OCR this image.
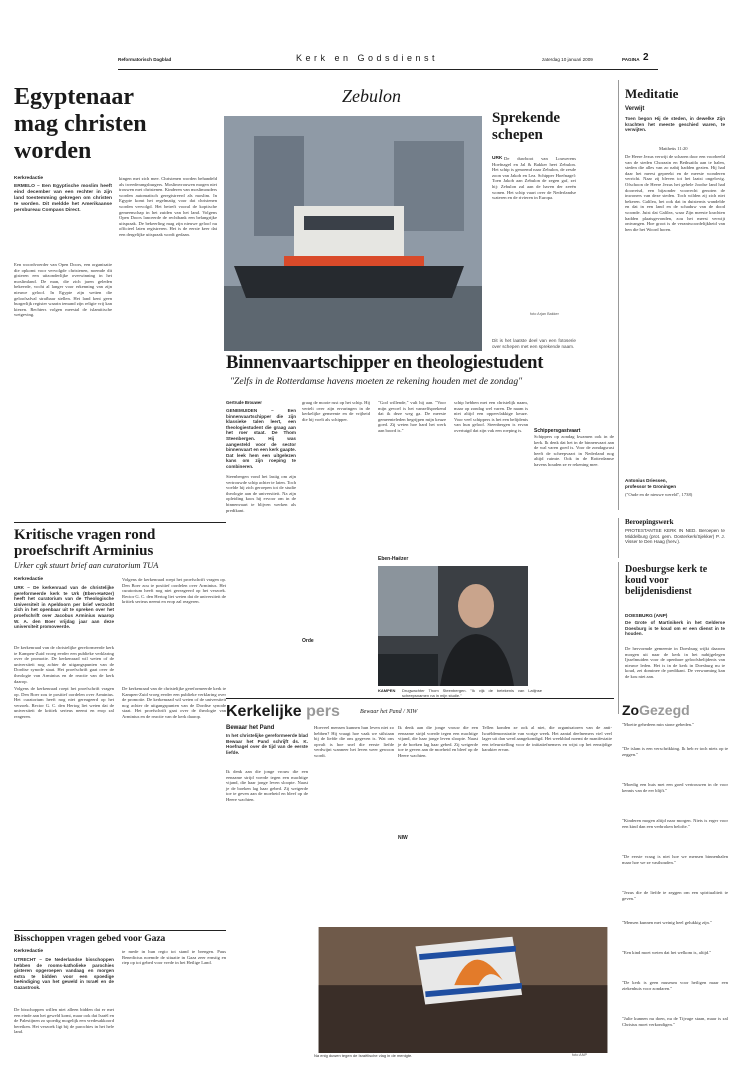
Reformatorisch Dagblad	K e r k   e n   G o d s d i e n s t	zaterdag 10 januari 2009	PAGINA 2
Egyptenaar mag christen worden
Kerkredactie
ERMELO – Een Egyptische moslim heeft eind december van een rechter in zijn land toestemming gekregen om christen te worden. Dit meldde het Amerikaanse persbureau Compass Direct.
Een woordvoerder van Open Doors, een organisatie die opkomt voor vervolgde christenen, noemde dit gisteren een uitzonderlijke overwinning in het moslimland. De man, die zich jaren geleden bekeerde, vocht al langer voor erkenning van zijn nieuwe geloof. In Egypte zijn wetten die geloofsafval strafbaar stellen. Het land kent geen burgerlijk register waarin iemand zijn religie vrij kan kiezen. Rechters volgen meestal de islamitische wetgeving.
kingen met zich mee. Christenen worden behandeld als tweederangsburgers. Moslimvrouwen mogen niet trouwen met christenen. Kinderen van moslimouders worden automatisch geregistreerd als moslim. In Egypte komt het regelmatig voor dat christenen worden vervolgd. Het betreft vooral de koptische gemeenschap in het zuiden van het land. Volgens Open Doors lanceerde de rechtbank een belangrijke uitspraak. De bekeerling mag zijn nieuwe geloof nu officieel laten registreren. Het is de eerste keer dat een dergelijke uitspraak wordt gedaan.
Zebulon
Sprekende schepen
URK De duwboot van Louwerens Hoefnagel en Jal & Bakker heet Zebulon. Het schip is genoemd naar Zebulon, de zesde zoon van Jakob en Lea. Schipper Hoefnagel: Toen Jakob aan Zebulon de zegen gaf, zei hij: Zebulon zal aan de haven der zeeën wonen. Het schip vaart over de Nederlandse wateren en de rivieren in Europa.
foto Arjan Bakker
Dit is het laatste deel van een fotoserie over schepen met een sprekende naam.
Meditatie
Verwijt
Toen begon Hij de steden, in dewelke Zijn krachten het meeste geschied waren, te verwijten.
Mattheüs 11:20
De Heere Jezus verwijt de scharen door een voorbeeld van de steden Chorazin en Bethsaïda aan te halen, steden die alles van zo nabij hadden gezien. Hij had daar het meest gepreekt en de meeste wonderen verricht. Naar zij bleven tot het laatst ongelovig. Ofschoon de Heere Jezus het gehele Joodse land had doorreisd, een bijzonder voorrecht genoten de inwoners van deze steden. Toch wilden zij zich niet bekeren. Galilea, het ook dat in duisternis wandelde en dat in een land en de schaduw van de dood woonde. Juist dat Galilea, waar Zijn meeste krachten hadden plaatsgevonden, zou het meest verwijt ontvangen. Hoe groot is de verantwoordelijkheid van hen die het Woord horen.
Antonius Driessen,
professor te Groningen
("Oude en de nieuwe wereld", 1738)
Beroepingswerk
PROTESTANTSE KERK IN NED. Beroepen te Middelburg (prot. gem. Oosterkerk/Sjekker) P. J. Visser te Den Haag (herv.).
Doesburgse kerk te koud voor belijdenisdienst
DOESBURG (ANP)
De Grote of Martinikerk in het Gelderse Doesburg is te koud om er een dienst in te houden.
De hervormde gemeente in Doesburg wijkt daarom morgen uit naar de kerk in het nabijgelegen Ijsselmuiden voor de openbare geloofsbelijdenis van nieuwe leden. Het is in de kerk in Doesburg nu te koud, zei dominee de predikant. De verwarming kan de kou niet aan.
Kritische vragen rond proefschrift Arminius
Urker cgk stuurt brief aan curatorium TUA
Kerkredactie
URK – De kerkenraad van de christelijke gereformeerde kerk te Urk (Eben-Haëzer) heeft het curatorium van de Theologische Universiteit in Apeldoorn per brief verzocht zich in het openbaar uit te spreken over het proefschrift over Jacobus Arminius waarop W. A. den Boer vrijdag jaar aan deze universiteit promoveerde.
De kerkenraad van de christelijke gereformeerde kerk te Kampen-Zuid vroeg eerder een publieke verklaring over de promotie. De kerkenraad wil weten of de universiteit nog achter de uitgangspunten van de Dordtse synode staat. Het proefschrift gaat over de theologie van Arminius en de reactie van de kerk daarop.
Volgens de kerkenraad roept het proefschrift vragen op. Den Boer zou te positief oordelen over Arminius. Het curatorium heeft nog niet gereageerd op het verzoek. Rector G. C. den Hertog liet weten dat de universiteit de kritiek serieus neemt en erop zal reageren.
Bisschoppen vragen gebed voor Gaza
Kerkredactie
UTRECHT – De Nederlandse bisschoppen hebben de rooms-katholieke parochies gisteren opgeroepen vandaag en morgen extra te bidden voor een spoedige beëindiging van het geweld in Israël en de Gazastrook.
De bisschoppen willen niet alleen bidden dat er met een einde aan het geweld komt, maar ook dat Israël en de Palestijnen zo spoedig mogelijk een vredesakkoord bereiken. Het verzoek ligt bij de parochies in het hele land.
te mede in hun regio tot stand te brengen. Paus Benedictus noemde de situatie in Gaza zeer ernstig en riep op tot gebed voor vrede in het Heilige Land.
Volgens de kerkenraad roept het proefschrift vragen op. Den Boer zou te positief oordelen over Arminius. Het curatorium heeft nog niet gereageerd op het verzoek. Rector G. C. den Hertog liet weten dat de universiteit de kritiek serieus neemt en erop zal reageren.
De kerkenraad van de christelijke gereformeerde kerk te Kampen-Zuid vroeg eerder een publieke verklaring over de promotie. De kerkenraad wil weten of de universiteit nog achter de uitgangspunten van de Dordtse synode staat. Het proefschrift gaat over de theologie van Arminius en de reactie van de kerk daarop.
Binnenvaartschipper en theologiestudent
"Zelfs in de Rotterdamse havens moeten ze rekening houden met de zondag"
Gertrude Brouwer
GENEMUIDEN – Een binnenvaartschipper die zijn klassieke talen leert, een theologiestudent die graag aan het roer staat. De Thom Steenbergen. Hij was aangesteld voor de sector binnenvaart en een kerk gaapte. Dat leek hem een uitgelezen kans om zijn roeping te combineren.
Steenbergen vond het lastig om zijn vertrouwde schip achter te laten. Toch voelde hij zich geroepen tot de studie theologie aan de universiteit. Na zijn opleiding koos hij ervoor om in de binnenvaart te blijven werken als predikant.
graag de mooie rust op het schip. Hij vertelt over zijn ervaringen in de kerkelijke gemeente en de vrijheid die hij voelt als schipper.
Eben-Haëzer
"God willende," vult hij aan. "Voor mijn gevoel is het vanzelfsprekend dat ik deze weg ga. De meeste gemeenteleden begrijpen mijn keuze goed. Zij weten hoe hard het werk aan boord is."
Orde
schip hebben met een christelijk naam, maar op zondag wel varen. De naam is niet altijd een oppervlakkige keuze. Voor veel schippers is het een belijdenis van hun geloof. Steenbergen is ervan overtuigd dat zijn vak een roeping is.	Schippersgastvaart
Schippers op zondag kwamen ook in de kerk. Ik denk dat het in de binnenvaart aan de wal varen goed is. Voor de zondagsrust heeft de scheepvaart in Nederland nog altijd ruimte. Ook in de Rotterdamse havens houden ze er rekening mee.
KAMPEN Drugwachter Thom Steenbergen. "Ik vijk de betekenis van Latijnse scheepsnamen na in mijn studie."
Kerkelijke pers	Bewaar het Pand / NIW
Bewaar het Pand
In het christelijke gereformeerde blad Bewaar het Pand schrijft ds. K. Hoefnagel over de tijd van de eerste liefde.
Ik denk aan die jonge vrouw die een eenzame strijd voerde tegen een machtige vijand, die haar jonge leven sloopte. Naast je de boeken lag haar gebed. Zij weigerde toe te geven aan de moeheid en bleef op de Heere wachten.
Hoeveel mensen kunnen hun leven niet zo hebben? Hij vraagt hoe vaak we stilstaan bij de liefde die ons gegeven is. Wat ons opvalt is hoe snel die eerste liefde verdwijnt wanneer het leven weer gewoon wordt.
Ik denk aan die jonge vrouw die een eenzame strijd voerde tegen een machtige vijand, die haar jonge leven sloopte. Naast je de boeken lag haar gebed. Zij weigerde toe te geven aan de moeheid en bleef op de Heere wachten.
NIW
Tellen konden ze ook al niet, die organisatoren van de anti-Israëldemonstratie van vorige week. Het aantal deelnemers viel veel lager uit dan werd aangekondigd. Het weekblad noemt de manifestatie een teleurstelling voor de initiatiefnemers en wijst op het eenzijdige karakter ervan.
Na enig duwen tegen de Israëlische vlag in de menigte.	foto ANP
ZoGezegd
"Moeite gehedeen min stone gebeden."
"De islam is een verschrikking. Ik heb er toch niets op te zeggen."
"Moedig een huis met een goed vertrouwen in de voor kennis van de eer blijft."
"Kinderen mogen altijd naar morgen. Niets is erger voor een kind dan een verbroken belofte."
"De eerste vraag is niet hoe we mensen binnenhalen maar hoe we ze vasthouden."
"Jezus die de liefde te zeggen om een spiritualiteit te geven."
"Mensen kunnen met weinig heel gelukkig zijn."
"Een kind moet weten dat het welkom is, altijd."
"De kerk is geen museum voor heiligen maar een ziekenhuis voor zondaren."
"Julie kunnen nu doen, nu de Tijvage staan, maar is zal Christus moet verkondigen."
